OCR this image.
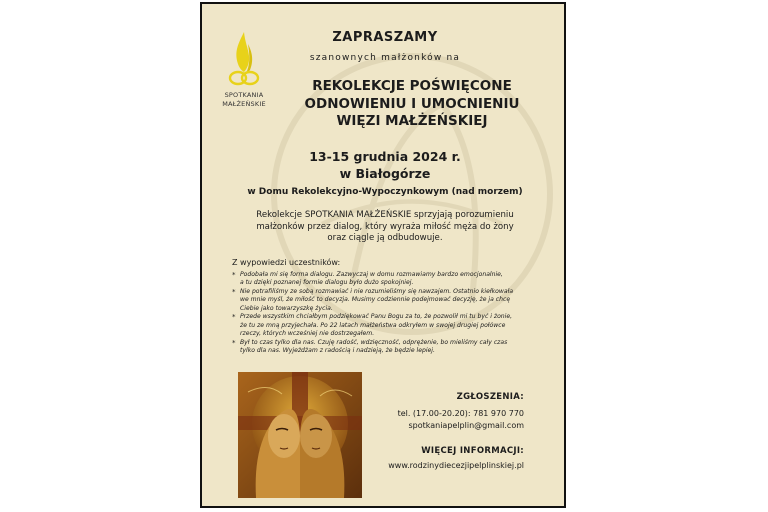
SPOTKANIA
MAŁŻEŃSKIE
ZAPRASZAMY
szanownych małżonków na
REKOLEKCJE POŚWIĘCONE
ODNOWIENIU I UMOCNIENIU
WIĘZI MAŁŻEŃSKIEJ
13-15 grudnia 2024 r.
w Białogórze
w Domu Rekolekcyjno-Wypoczynkowym (nad morzem)
Rekolekcje SPOTKANIA MAŁŻEŃSKIE sprzyjają porozumieniu
małżonków przez dialog, który wyraża miłość męża do żony
oraz ciągle ją odbudowuje.
Z wypowiedzi uczestników:
* Podobała mi się forma dialogu. Zazwyczaj w domu rozmawiamy bardzo emocjonalnie,
a tu dzięki poznanej formie dialogu było dużo spokojniej.
* Nie potrafiliśmy ze sobą rozmawiać i nie rozumieliśmy się nawzajem. Ostatnio kiełkowała
we mnie myśl, że miłość to decyzja. Musimy codziennie podejmować decyzję, że ja chcę
Ciebie jako towarzyszkę życia.
* Przede wszystkim chciałbym podziękować Panu Bogu za to, że pozwolił mi tu być i żonie,
że tu ze mną przyjechała. Po 22 latach małżeństwa odkryłem w swojej drugiej połówce
rzeczy, których wcześniej nie dostrzegałem.
* Był to czas tylko dla nas. Czuję radość, wdzięczność, odprężenie, bo mieliśmy cały czas
tylko dla nas. Wyjeżdżam z radością i nadzieją, że będzie lepiej.
ZGŁOSZENIA:
tel. (17.00-20.20): 781 970 770
spotkaniapelplin@gmail.com
WIĘCEJ INFORMACJI:
www.rodzinydiecezjipelplinskiej.pl
